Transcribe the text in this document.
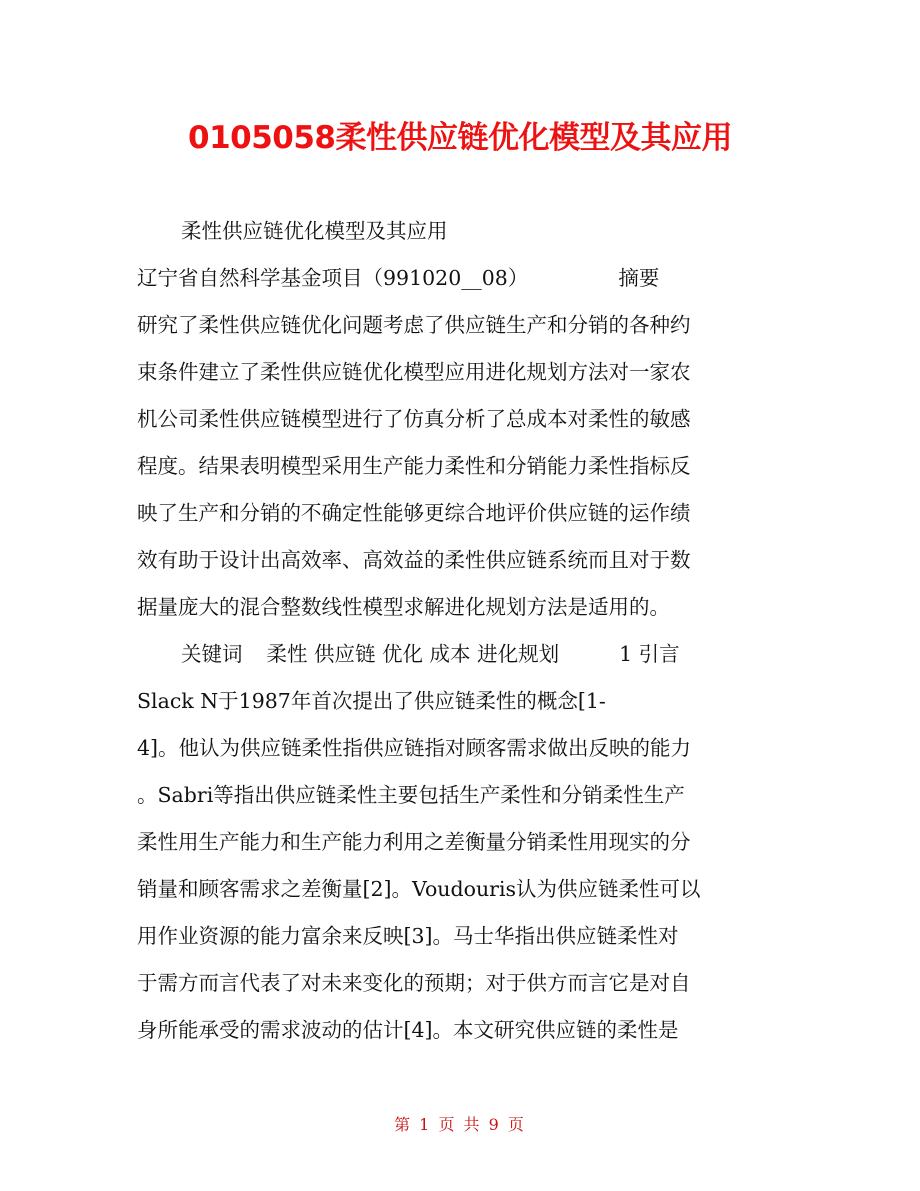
0105058柔性供应链优化模型及其应用
柔性供应链优化模型及其应用
辽宁省自然科学基金项目（991020__08）	摘要
研究了柔性供应链优化问题考虑了供应链生产和分销的各种约
束条件建立了柔性供应链优化模型应用进化规划方法对一家农
机公司柔性供应链模型进行了仿真分析了总成本对柔性的敏感
程度。结果表明模型采用生产能力柔性和分销能力柔性指标反
映了生产和分销的不确定性能够更综合地评价供应链的运作绩
效有助于设计出高效率、高效益的柔性供应链系统而且对于数
据量庞大的混合整数线性模型求解进化规划方法是适用的。
关键词 柔性 供应链 优化 成本 进化规划	1 引言
Slack N于1987年首次提出了供应链柔性的概念[1-
4]。他认为供应链柔性指供应链指对顾客需求做出反映的能力
。Sabri等指出供应链柔性主要包括生产柔性和分销柔性生产
柔性用生产能力和生产能力利用之差衡量分销柔性用现实的分
销量和顾客需求之差衡量[2]。Voudouris认为供应链柔性可以
用作业资源的能力富余来反映[3]。马士华指出供应链柔性对
于需方而言代表了对未来变化的预期；对于供方而言它是对自
身所能承受的需求波动的估计[4]。本文研究供应链的柔性是
第 1 页 共 9 页
